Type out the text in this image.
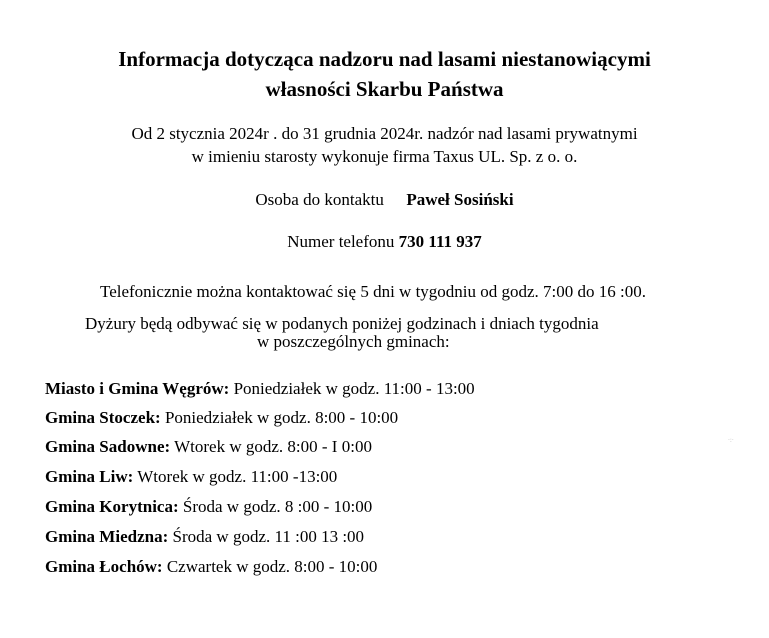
Informacja dotycząca nadzoru nad lasami niestanowiącymi
własności Skarbu Państwa
Od 2 stycznia 2024r . do 31 grudnia 2024r. nadzór nad lasami prywatnymi
w imieniu starosty wykonuje firma Taxus UL. Sp. z o. o.
Osoba do kontaktu Paweł Sosiński
Numer telefonu 730 111 937
Telefonicznie można kontaktować się 5 dni w tygodniu od godz. 7:00 do 16 :00.
Dyżury będą odbywać się w podanych poniżej godzinach i dniach tygodnia
w poszczególnych gminach:
Miasto i Gmina Węgrów: Poniedziałek w godz. 11:00 - 13:00
Gmina Stoczek: Poniedziałek w godz. 8:00 - 10:00
Gmina Sadowne: Wtorek w godz. 8:00 - I 0:00
Gmina Liw: Wtorek w godz. 11:00 -13:00
Gmina Korytnica: Środa w godz. 8 :00 - 10:00
Gmina Miedzna: Środa w godz. 11 :00 13 :00
Gmina Łochów: Czwartek w godz. 8:00 - 10:00
·:·
